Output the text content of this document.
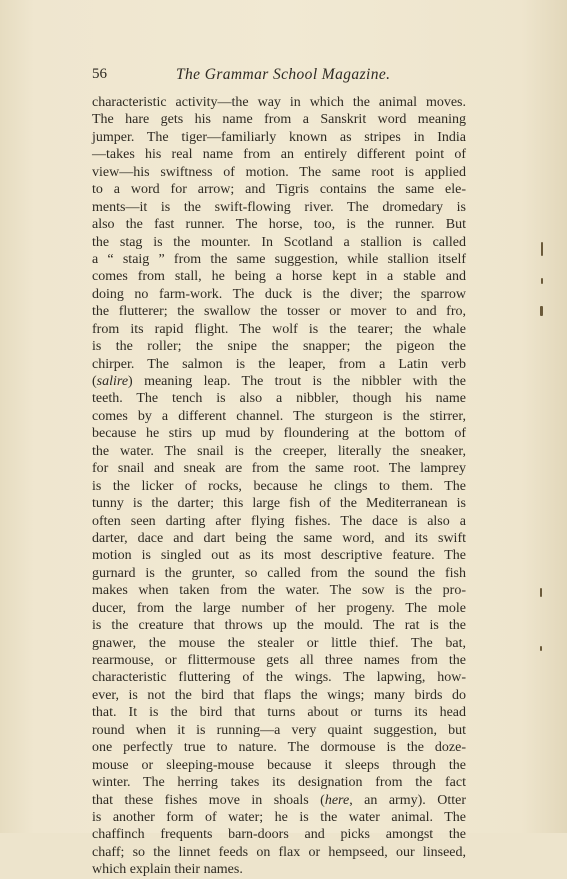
56	The Grammar School Magazine.
characteristic activity—the way in which the animal moves.
The hare gets his name from a Sanskrit word meaning
jumper. The tiger—familiarly known as stripes in India
—takes his real name from an entirely different point of
view—his swiftness of motion. The same root is applied
to a word for arrow; and Tigris contains the same ele-
ments—it is the swift-flowing river. The dromedary is
also the fast runner. The horse, too, is the runner. But
the stag is the mounter. In Scotland a stallion is called
a “ staig ” from the same suggestion, while stallion itself
comes from stall, he being a horse kept in a stable and
doing no farm-work. The duck is the diver; the sparrow
the flutterer; the swallow the tosser or mover to and fro,
from its rapid flight. The wolf is the tearer; the whale
is the roller; the snipe the snapper; the pigeon the
chirper. The salmon is the leaper, from a Latin verb
(salire) meaning leap. The trout is the nibbler with the
teeth. The tench is also a nibbler, though his name
comes by a different channel. The sturgeon is the stirrer,
because he stirs up mud by floundering at the bottom of
the water. The snail is the creeper, literally the sneaker,
for snail and sneak are from the same root. The lamprey
is the licker of rocks, because he clings to them. The
tunny is the darter; this large fish of the Mediterranean is
often seen darting after flying fishes. The dace is also a
darter, dace and dart being the same word, and its swift
motion is singled out as its most descriptive feature. The
gurnard is the grunter, so called from the sound the fish
makes when taken from the water. The sow is the pro-
ducer, from the large number of her progeny. The mole
is the creature that throws up the mould. The rat is the
gnawer, the mouse the stealer or little thief. The bat,
rearmouse, or flittermouse gets all three names from the
characteristic fluttering of the wings. The lapwing, how-
ever, is not the bird that flaps the wings; many birds do
that. It is the bird that turns about or turns its head
round when it is running—a very quaint suggestion, but
one perfectly true to nature. The dormouse is the doze-
mouse or sleeping-mouse because it sleeps through the
winter. The herring takes its designation from the fact
that these fishes move in shoals (here, an army). Otter
is another form of water; he is the water animal. The
chaffinch frequents barn-doors and picks amongst the
chaff; so the linnet feeds on flax or hempseed, our linseed,
which explain their names.
